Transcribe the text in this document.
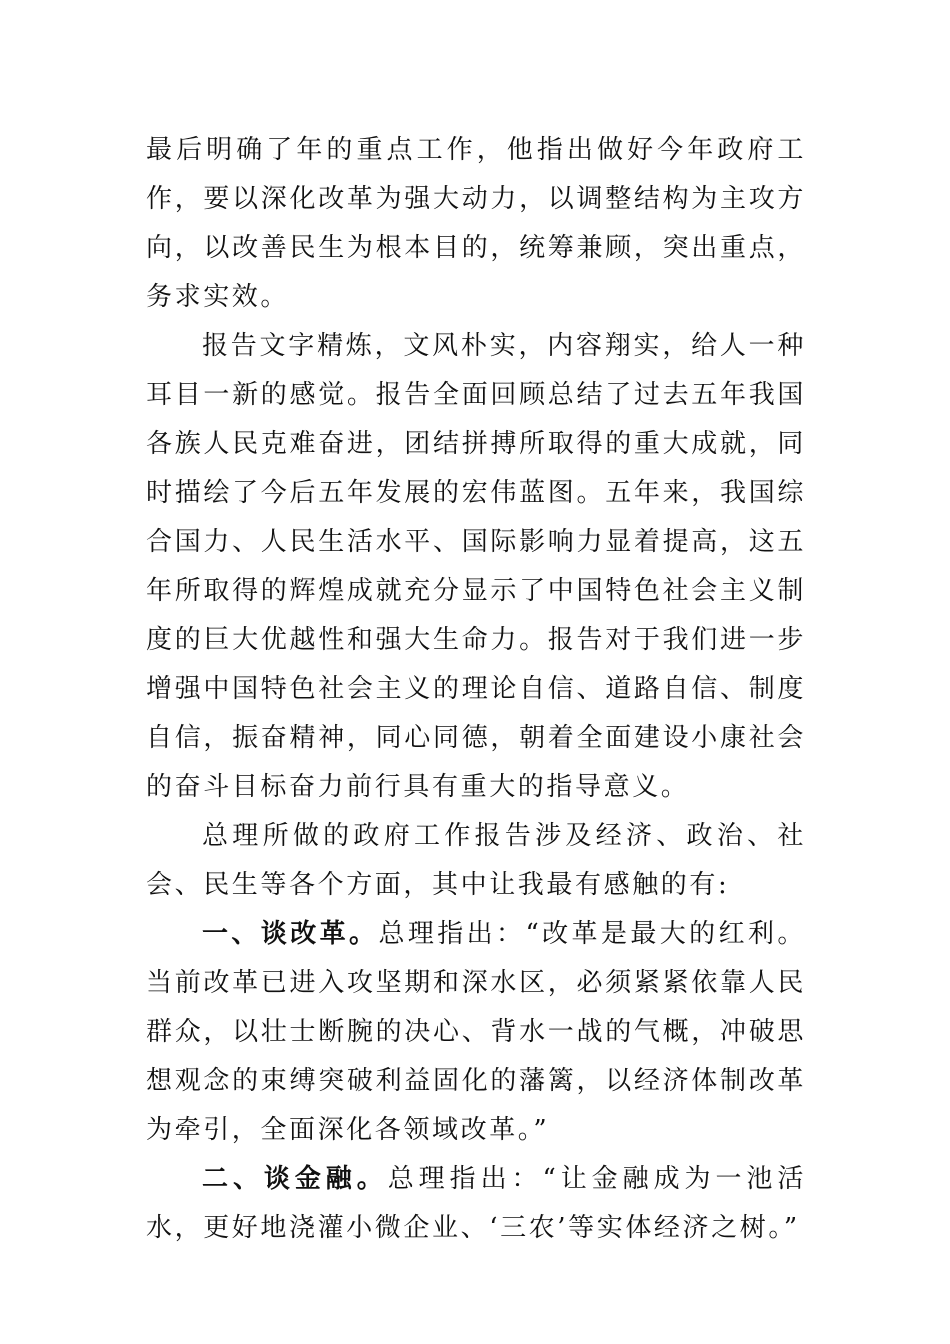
最后明确了年的重点工作，他指出做好今年政府工作，要以深化改革为强大动力，以调整结构为主攻方向，以改善民生为根本目的，统筹兼顾，突出重点，务求实效。

报告文字精炼，文风朴实，内容翔实，给人一种耳目一新的感觉。报告全面回顾总结了过去五年我国各族人民克难奋进，团结拼搏所取得的重大成就，同时描绘了今后五年发展的宏伟蓝图。五年来，我国综合国力、人民生活水平、国际影响力显着提高，这五年所取得的辉煌成就充分显示了中国特色社会主义制度的巨大优越性和强大生命力。报告对于我们进一步增强中国特色社会主义的理论自信、道路自信、制度自信，振奋精神，同心同德，朝着全面建设小康社会的奋斗目标奋力前行具有重大的指导意义。

总理所做的政府工作报告涉及经济、政治、社会、民生等各个方面，其中让我最有感触的有:

一、谈改革。总理指出：“改革是最大的红利。当前改革已进入攻坚期和深水区，必须紧紧依靠人民群众，以壮士断腕的决心、背水一战的气概，冲破思想观念的束缚突破利益固化的藩篱，以经济体制改革为牵引，全面深化各领域改革。”

二、谈金融。总理指出：“让金融成为一池活水，更好地浇灌小微企业、‘三农’等实体经济之树。”
